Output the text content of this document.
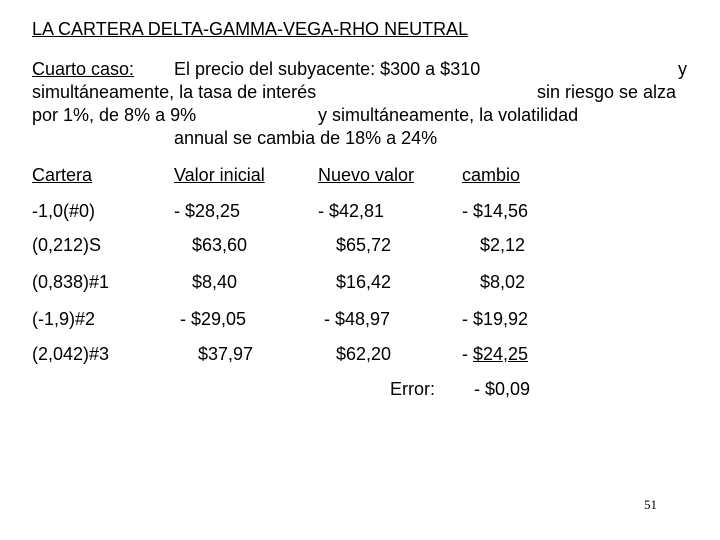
LA CARTERA DELTA-GAMMA-VEGA-RHO NEUTRAL
Cuarto caso: El precio del subyacente: $300 a $310	y
simultáneamente, la tasa de interés	sin riesgo se alza
por 1%, de 8% a 9%	y simultáneamente, la volatilidad
annual se cambia de 18% a 24%
Cartera	Valor inicial	Nuevo valor	cambio
-1,0(#0)	- $28,25	- $42,81	- $14,56
(0,212)S	$63,60	$65,72	$2,12
(0,838)#1	$8,40	$16,42	$8,02
(-1,9)#2	- $29,05	- $48,97	- $19,92
(2,042)#3	$37,97	$62,20	- $24,25
Error: - $0,09
51
